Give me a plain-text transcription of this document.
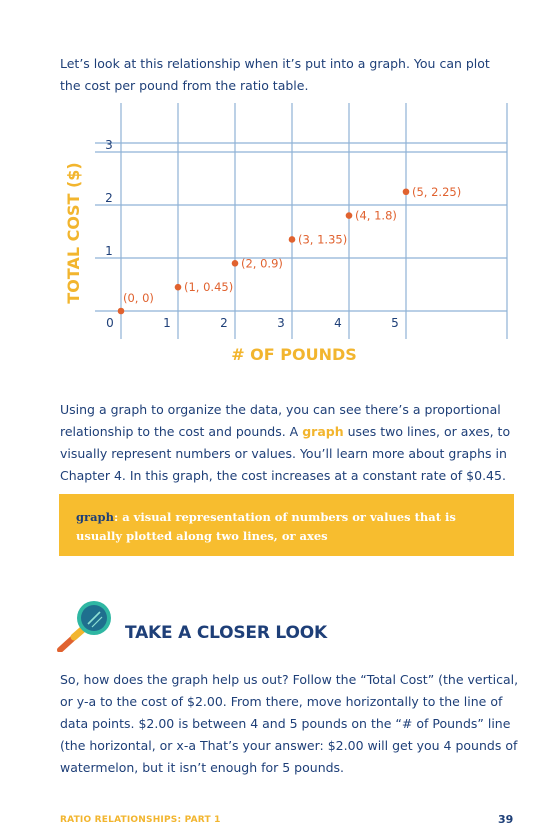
Let’s look at this relationship when it’s put into a graph. You can plot the cost per pound from the ratio table.

0	1	2	3	4	5
1
2
3
(0, 0)
(1, 0.45)
(2, 0.9)
(3, 1.35)
(4, 1.8)
(5, 2.25)
TOTAL COST ($)
# OF POUNDS

Using a graph to organize the data, you can see there’s a proportional relationship to the cost and pounds. A graph uses two lines, or axes, to visually represent numbers or values. You’ll learn more about graphs in Chapter 4. In this graph, the cost increases at a constant rate of $0.45.

graph: a visual representation of numbers or values that is usually plotted along two lines, or axes
TAKE A CLOSER LOOK

So, how does the graph help us out? Follow the “Total Cost” (the vertical, or y-a to the cost of $2.00. From there, move horizontally to the line of data points. $2.00 is between 4 and 5 pounds on the “# of Pounds” line (the horizontal, or x-a That’s your answer: $2.00 will get you 4 pounds of watermelon, but it isn’t enough for 5 pounds.

RATIO RELATIONSHIPS: PART 1	39
